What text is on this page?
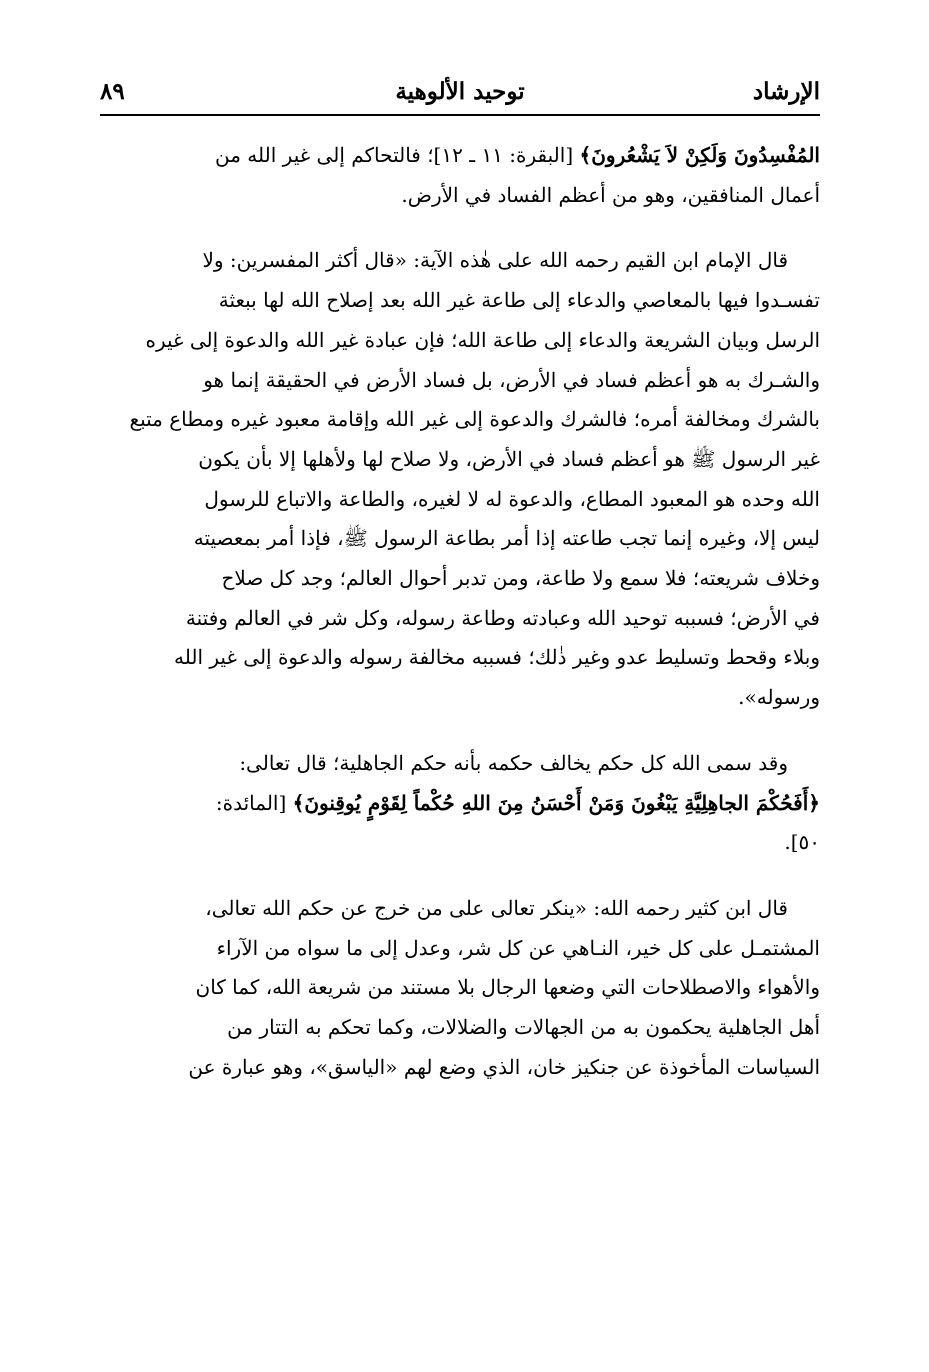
الإرشاد
توحيد الألوهية
٨٩
المُفْسِدُونَ وَلَكِنْ لاَ يَشْعُرونَ﴾ [البقرة: ١١ ـ ١٢]؛ فالتحاكم إلى غير الله من
أعمال المنافقين، وهو من أعظم الفساد في الأرض.
قال الإمام ابن القيم رحمه الله على هٰذه الآية: «قال أكثر المفسرين: ولا
تفسـدوا فيها بالمعاصي والدعاء إلى طاعة غير الله بعد إصلاح الله لها ببعثة
الرسل وبيان الشريعة والدعاء إلى طاعة الله؛ فإن عبادة غير الله والدعوة إلى غيره
والشـرك به هو أعظم فساد في الأرض، بل فساد الأرض في الحقيقة إنما هو
بالشرك ومخالفة أمره؛ فالشرك والدعوة إلى غير الله وإقامة معبود غيره ومطاع متبع
غير الرسول ﷺ هو أعظم فساد في الأرض، ولا صلاح لها ولأهلها إلا بأن يكون
الله وحده هو المعبود المطاع، والدعوة له لا لغيره، والطاعة والاتباع للرسول
ليس إلا، وغيره إنما تجب طاعته إذا أمر بطاعة الرسول ﷺ، فإذا أمر بمعصيته
وخلاف شريعته؛ فلا سمع ولا طاعة، ومن تدبر أحوال العالم؛ وجد كل صلاح
في الأرض؛ فسببه توحيد الله وعبادته وطاعة رسوله، وكل شر في العالم وفتنة
وبلاء وقحط وتسليط عدو وغير ذٰلك؛ فسببه مخالفة رسوله والدعوة إلى غير الله
ورسوله».
وقد سمى الله كل حكم يخالف حكمه بأنه حكم الجاهلية؛ قال تعالى:
﴿أَفَحُكْمَ الجاهِلِيَّةِ يَبْغُونَ وَمَنْ أَحْسَنُ مِنَ اللهِ حُكْماً لِقَوْمٍ يُوقِنونَ﴾ [المائدة:
٥٠].
قال ابن كثير رحمه الله: «ينكر تعالى على من خرج عن حكم الله تعالى،
المشتمـل على كل خير، النـاهي عن كل شر، وعدل إلى ما سواه من الآراء
والأهواء والاصطلاحات التي وضعها الرجال بلا مستند من شريعة الله، كما كان
أهل الجاهلية يحكمون به من الجهالات والضلالات، وكما تحكم به التتار من
السياسات المأخوذة عن جنكيز خان، الذي وضع لهم «الياسق»، وهو عبارة عن
